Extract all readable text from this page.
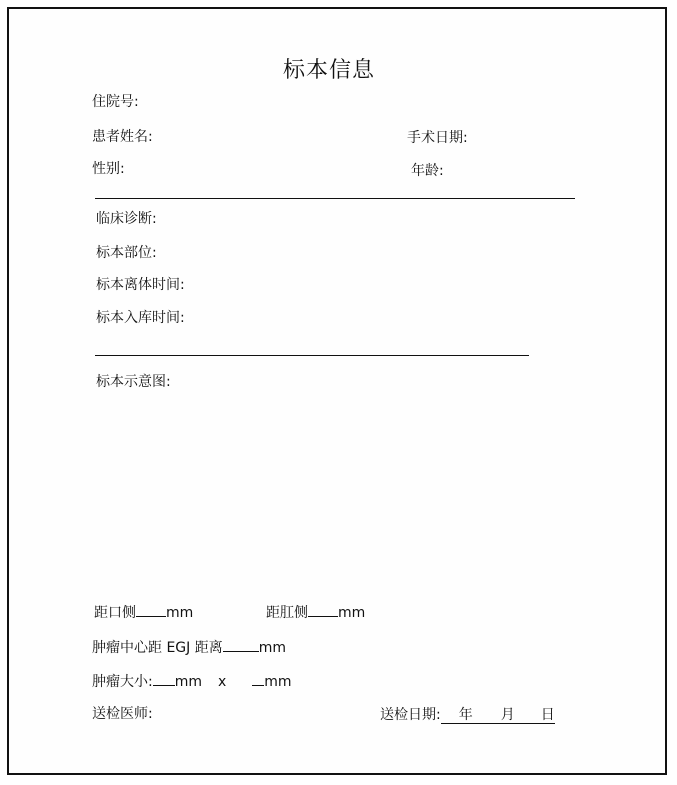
标本信息
住院号:
患者姓名:	手术日期:
性别:	年龄:
临床诊断:
标本部位:
标本离体时间:
标本入库时间:
标本示意图:
距口侧 mm	距肛侧 mm
肿瘤中心距 EGJ 距离	mm
肿瘤大小: mm x	mm
送检医师:	送检日期: 年 月 日
